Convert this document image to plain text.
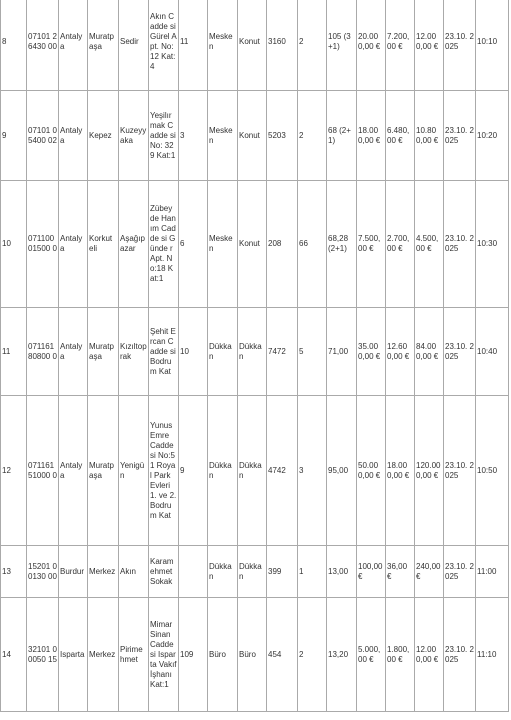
8	07101 26430 00	Antaly a	Muratp aşa	Sedir	Akın Cadde si Gürel Apt. No:12 Kat:4	11	Mesken	Konut	3160	2	105 (3+1)	20.000,00 €	7.200,00 €	12.000,00 €	23.10. 2025	10:10
9	07101 05400 02	Antaly a	Kepez	Kuzeyy aka	Yeşilır mak Cadde si No: 329 Kat:1	3	Mesken	Konut	5203	2	68 (2+1)	18.000,00 €	6.480,00 €	10.800,00 €	23.10. 2025	10:20
10	071100 01500 0	Antaly a	Korkut eli	Aşağıp azar	Zübey de Hanım Cadde si Günde r Apt. No:18 Kat:1	6	Mesken	Konut	208	66	68,28 (2+1)	7.500,00 €	2.700,00 €	4.500,00 €	23.10. 2025	10:30
11	071161 80800 0	Antaly a	Muratp aşa	Kızıltoprak	Şehit Ercan Cadde si Bodru m Kat	10	Dükkan	Dükkan	7472	5	71,00	35.000,00 €	12.600,00 €	84.000,00 €	23.10. 2025	10:40
12	071161 51000 0	Antaly a	Muratp aşa	Yenigün	Yunus Emre Cadde si No:51 Royal Park Evleri 1. ve 2. Bodru m Kat	9	Dükkan	Dükkan	4742	3	95,00	50.000,00 €	18.000,00 €	120.000,00 €	23.10. 2025	10:50
13	15201 00130 00	Burdur	Merkez	Akın	Karam ehmet Sokak		Dükkan	Dükkan	399	1	13,00	100,00 €	36,00 €	240,00 €	23.10. 2025	11:00
14	32101 00050 15	Isparta	Merkez	Pirime hmet	Mimar Sinan Cadde si Isparta Vakıf İşhanı Kat:1	109	Büro	Büro	454	2	13,20	5.000,00 €	1.800,00 €	12.000,00 €	23.10. 2025	11:10
